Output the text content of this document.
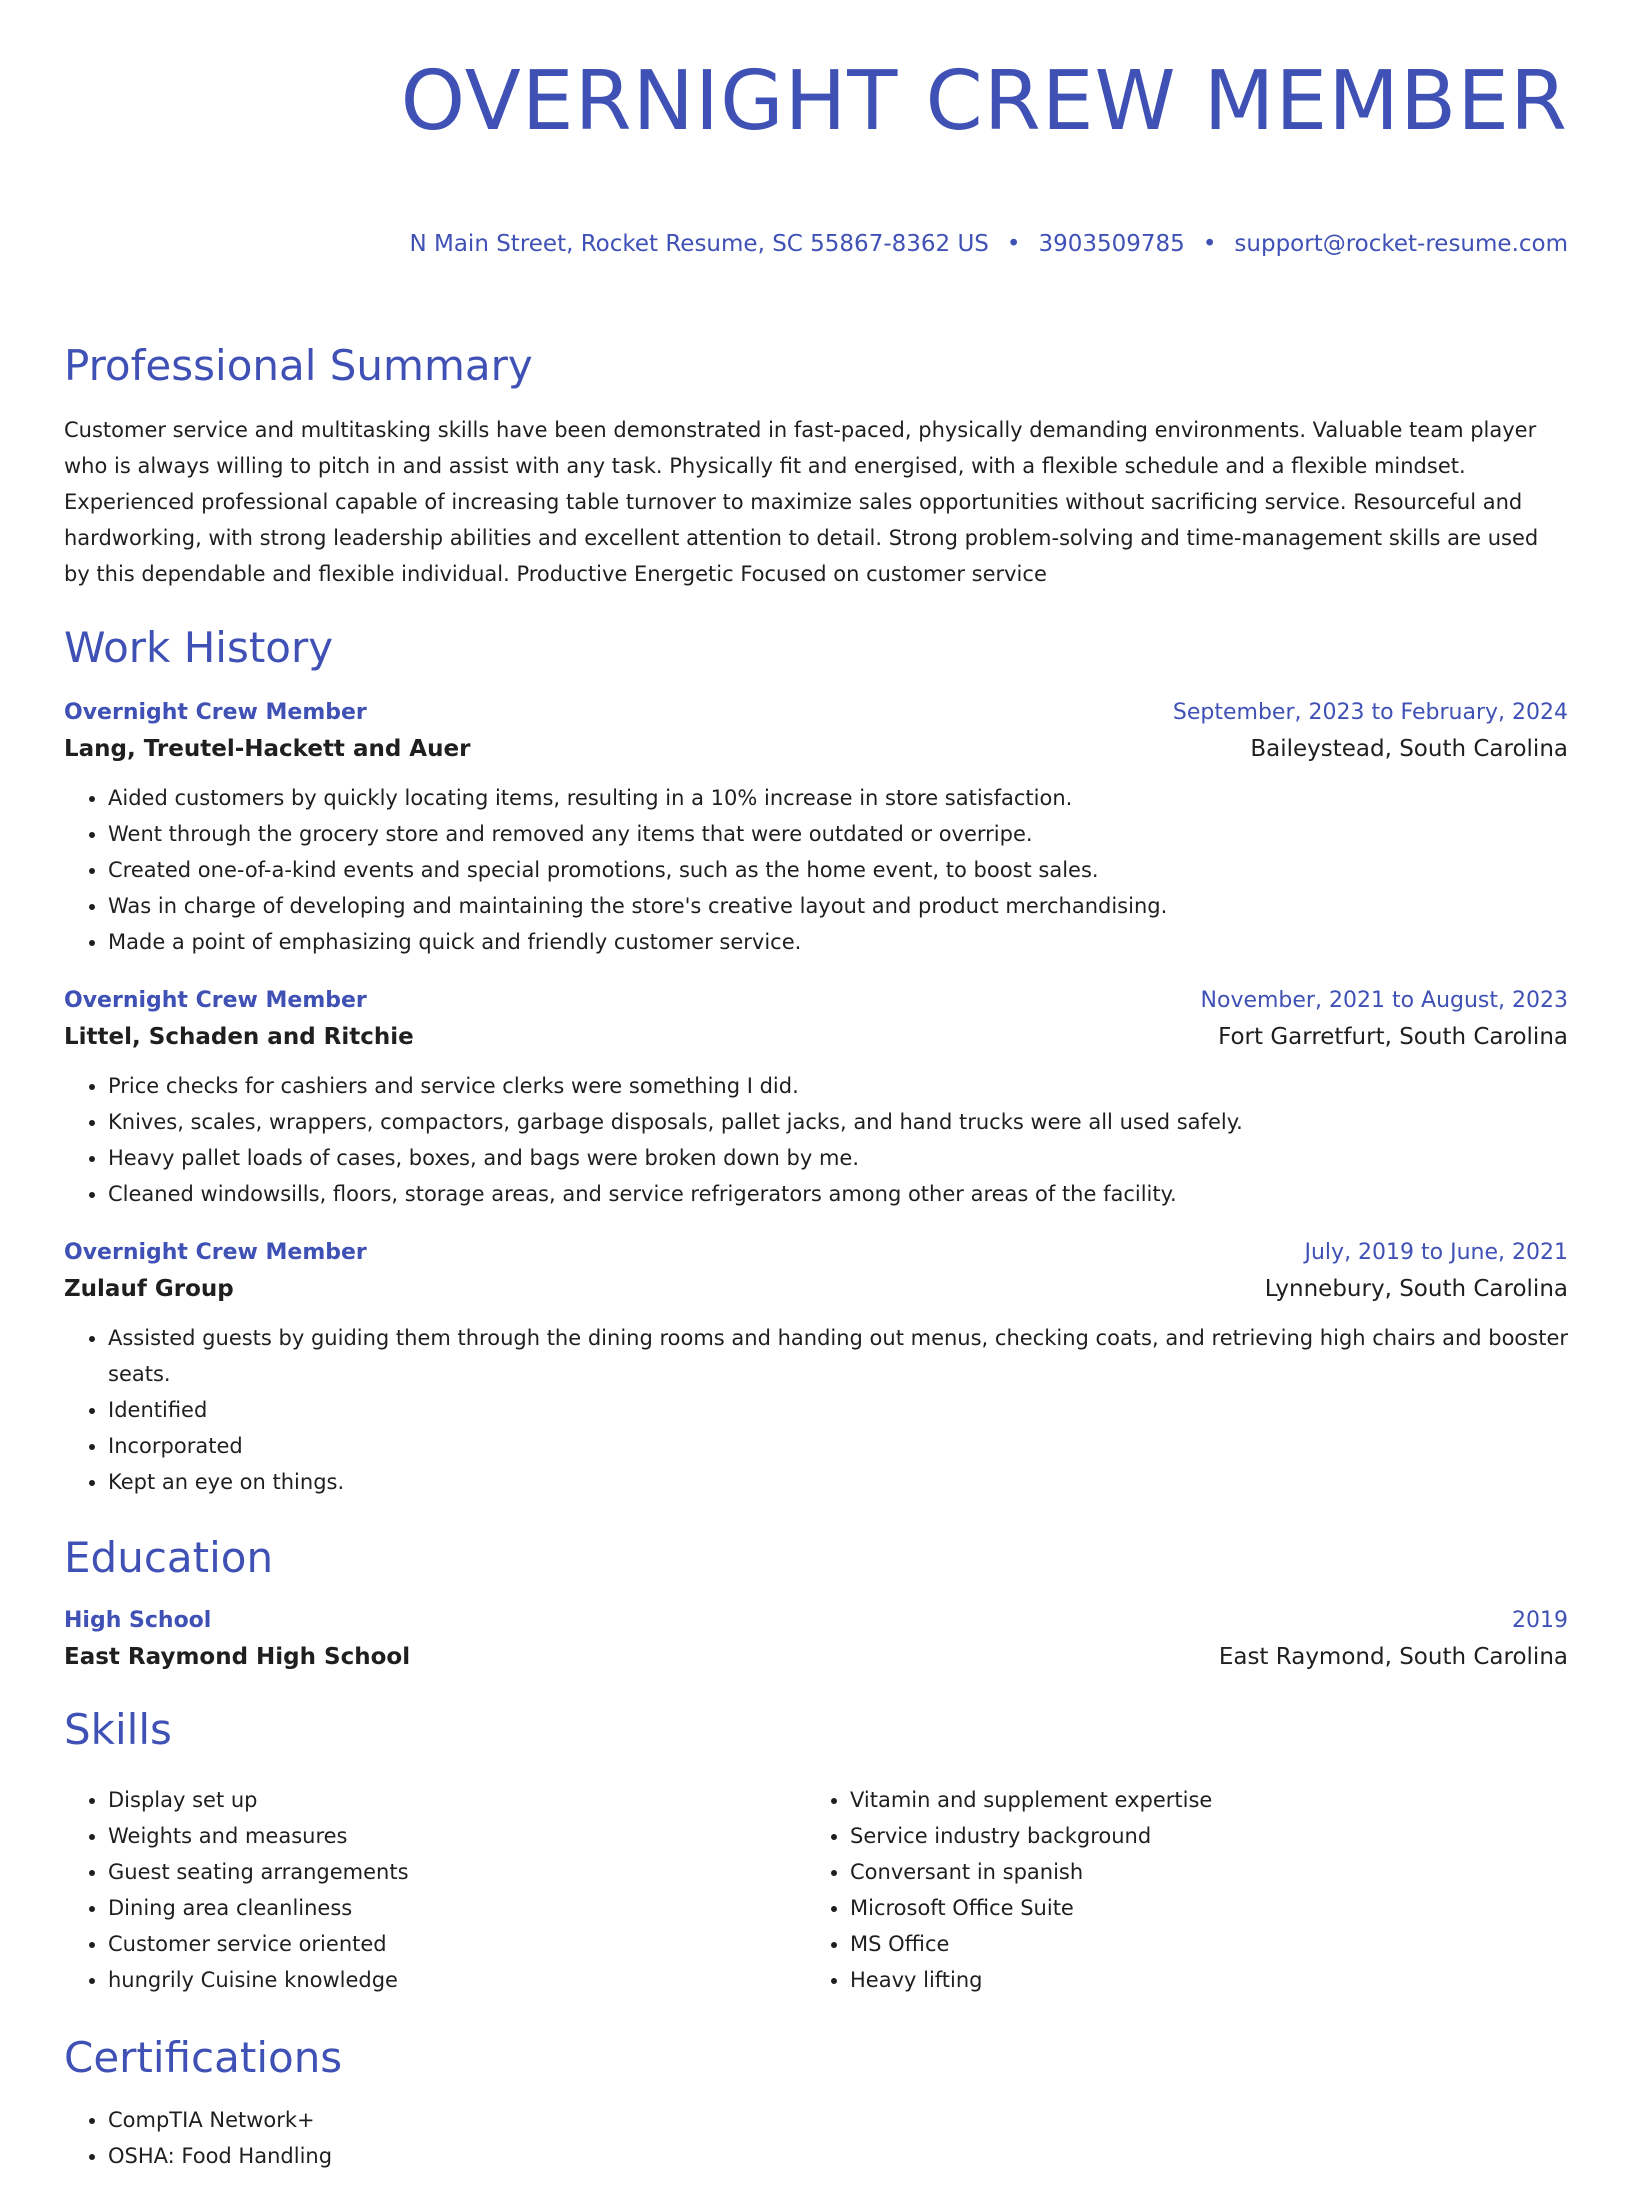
OVERNIGHT CREW MEMBER
N Main Street, Rocket Resume, SC 55867-8362 US • 3903509785 • support@rocket-resume.com
Professional Summary

Customer service and multitasking skills have been demonstrated in fast-paced, physically demanding environments. Valuable team player who is always willing to pitch in and assist with any task. Physically fit and energised, with a flexible schedule and a flexible mindset. Experienced professional capable of increasing table turnover to maximize sales opportunities without sacrificing service. Resourceful and hardworking, with strong leadership abilities and excellent attention to detail. Strong problem-solving and time-management skills are used by this dependable and flexible individual. Productive Energetic Focused on customer service

Work History
Overnight Crew Member	September, 2023 to February, 2024
Lang, Treutel-Hackett and Auer	Baileystead, South Carolina
• Aided customers by quickly locating items, resulting in a 10% increase in store satisfaction.
• Went through the grocery store and removed any items that were outdated or overripe.
• Created one-of-a-kind events and special promotions, such as the home event, to boost sales.
• Was in charge of developing and maintaining the store's creative layout and product merchandising.
• Made a point of emphasizing quick and friendly customer service.
Overnight Crew Member	November, 2021 to August, 2023
Littel, Schaden and Ritchie	Fort Garretfurt, South Carolina
• Price checks for cashiers and service clerks were something I did.
• Knives, scales, wrappers, compactors, garbage disposals, pallet jacks, and hand trucks were all used safely.
• Heavy pallet loads of cases, boxes, and bags were broken down by me.
• Cleaned windowsills, floors, storage areas, and service refrigerators among other areas of the facility.
Overnight Crew Member	July, 2019 to June, 2021
Zulauf Group	Lynnebury, South Carolina
• Assisted guests by guiding them through the dining rooms and handing out menus, checking coats, and retrieving high chairs and booster seats.
• Identified
• Incorporated
• Kept an eye on things.
Education
High School	2019
East Raymond High School	East Raymond, South Carolina
Skills
• Display set up
• Weights and measures
• Guest seating arrangements
• Dining area cleanliness
• Customer service oriented
• hungrily Cuisine knowledge
• Vitamin and supplement expertise
• Service industry background
• Conversant in spanish
• Microsoft Office Suite
• MS Office
• Heavy lifting
Certifications
• CompTIA Network+
• OSHA: Food Handling
